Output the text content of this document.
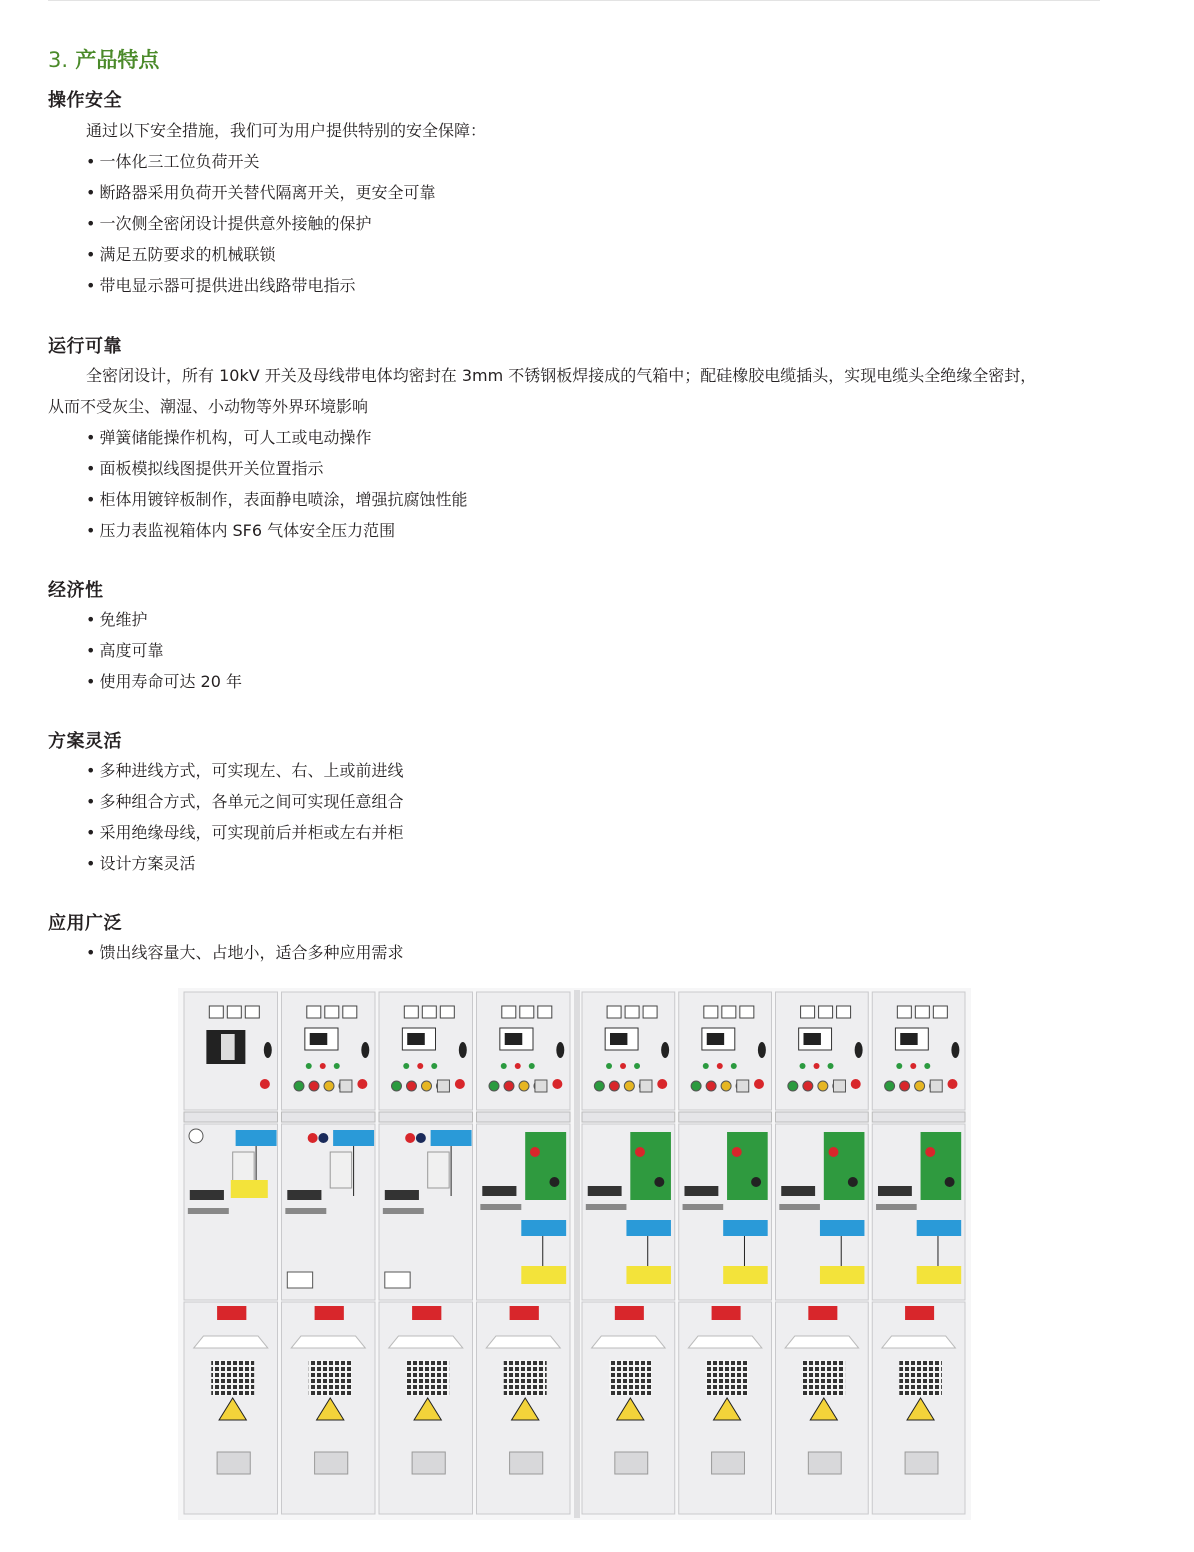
3. 产品特点
操作安全
通过以下安全措施，我们可为用户提供特别的安全保障：
• 一体化三工位负荷开关
• 断路器采用负荷开关替代隔离开关，更安全可靠
• 一次侧全密闭设计提供意外接触的保护
• 满足五防要求的机械联锁
• 带电显示器可提供进出线路带电指示
运行可靠
全密闭设计，所有 10kV 开关及母线带电体均密封在 3mm 不锈钢板焊接成的气箱中；配硅橡胶电缆插头，实现电缆头全绝缘全密封，
从而不受灰尘、潮湿、小动物等外界环境影响
• 弹簧储能操作机构，可人工或电动操作
• 面板模拟线图提供开关位置指示
• 柜体用镀锌板制作，表面静电喷涂，增强抗腐蚀性能
• 压力表监视箱体内 SF6 气体安全压力范围
经济性
• 免维护
• 高度可靠
• 使用寿命可达 20 年
方案灵活
• 多种进线方式，可实现左、右、上或前进线
• 多种组合方式，各单元之间可实现任意组合
• 采用绝缘母线，可实现前后并柜或左右并柜
• 设计方案灵活
应用广泛
• 馈出线容量大、占地小，适合多种应用需求
